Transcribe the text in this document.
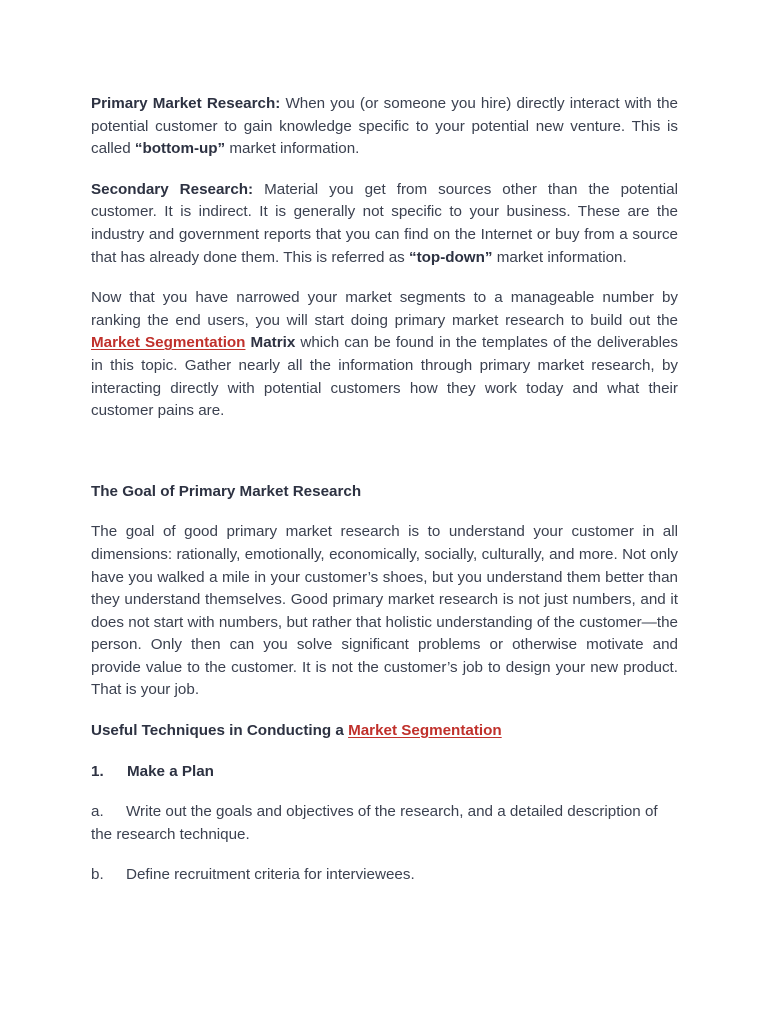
Primary Market Research: When you (or someone you hire) directly interact with the potential customer to gain knowledge specific to your potential new venture. This is called “bottom-up” market information.

Secondary Research: Material you get from sources other than the potential customer. It is indirect. It is generally not specific to your business. These are the industry and government reports that you can find on the Internet or buy from a source that has already done them. This is referred as “top-down” market information.

Now that you have narrowed your market segments to a manageable number by ranking the end users, you will start doing primary market research to build out the Market Segmentation Matrix which can be found in the templates of the deliverables in this topic. Gather nearly all the information through primary market research, by interacting directly with potential customers how they work today and what their customer pains are.

The Goal of Primary Market Research

The goal of good primary market research is to understand your customer in all dimensions: rationally, emotionally, economically, socially, culturally, and more. Not only have you walked a mile in your customer’s shoes, but you understand them better than they understand themselves. Good primary market research is not just numbers, and it does not start with numbers, but rather that holistic understanding of the customer—the person. Only then can you solve significant problems or otherwise motivate and provide value to the customer. It is not the customer’s job to design your new product. That is your job.

Useful Techniques in Conducting a Market Segmentation

1. Make a Plan

a. Write out the goals and objectives of the research, and a detailed description of the research technique.

b. Define recruitment criteria for interviewees.
